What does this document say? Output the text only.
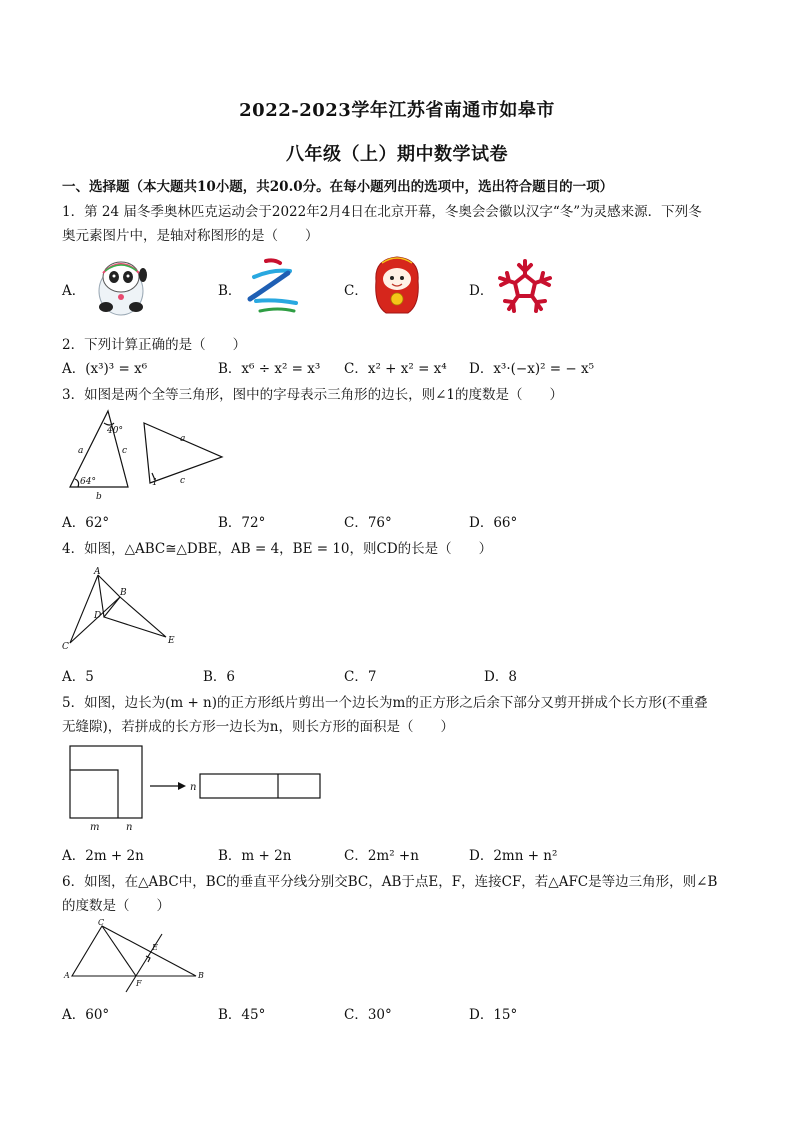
2022-2023学年江苏省南通市如皋市
八年级（上）期中数学试卷
一、选择题（本大题共10小题，共20.0分。在每小题列出的选项中，选出符合题目的一项）
1．第 24 届冬季奥林匹克运动会于2022年2月4日在北京开幕，冬奥会会徽以汉字“冬”为灵感来源．下列冬
奥元素图片中，是轴对称图形的是（　　）
A．	B．	C．	D．
2．下列计算正确的是（　　）
A．(x³)³ = x⁶	B．x⁶ ÷ x² = x³ C．x² + x² = x⁴ D．x³·(−x)² = − x⁵
3．如图是两个全等三角形，图中的字母表示三角形的边长，则∠1的度数是（　　）
40°
64°
a
b
c
a
c
1
A．62°	B．72°	C．76°	D．66°
4．如图，△ABC≅△DBE，AB = 4，BE = 10，则CD的长是（　　）
A
B
C
D
E
A．5	B．6	C．7	D．8
5．如图，边长为(m + n)的正方形纸片剪出一个边长为m的正方形之后余下部分又剪开拼成个长方形(不重叠
无缝隙)，若拼成的长方形一边长为n，则长方形的面积是（　　）
m	n
n
A．2m + 2n	B．m + 2n	C．2m² +n	D．2mn + n²
6．如图，在△ABC中，BC的垂直平分线分别交BC，AB于点E，F，连接CF，若△AFC是等边三角形，则∠B
的度数是（　　）
C
A	B
E
F
A．60°	B．45°	C．30°	D．15°
